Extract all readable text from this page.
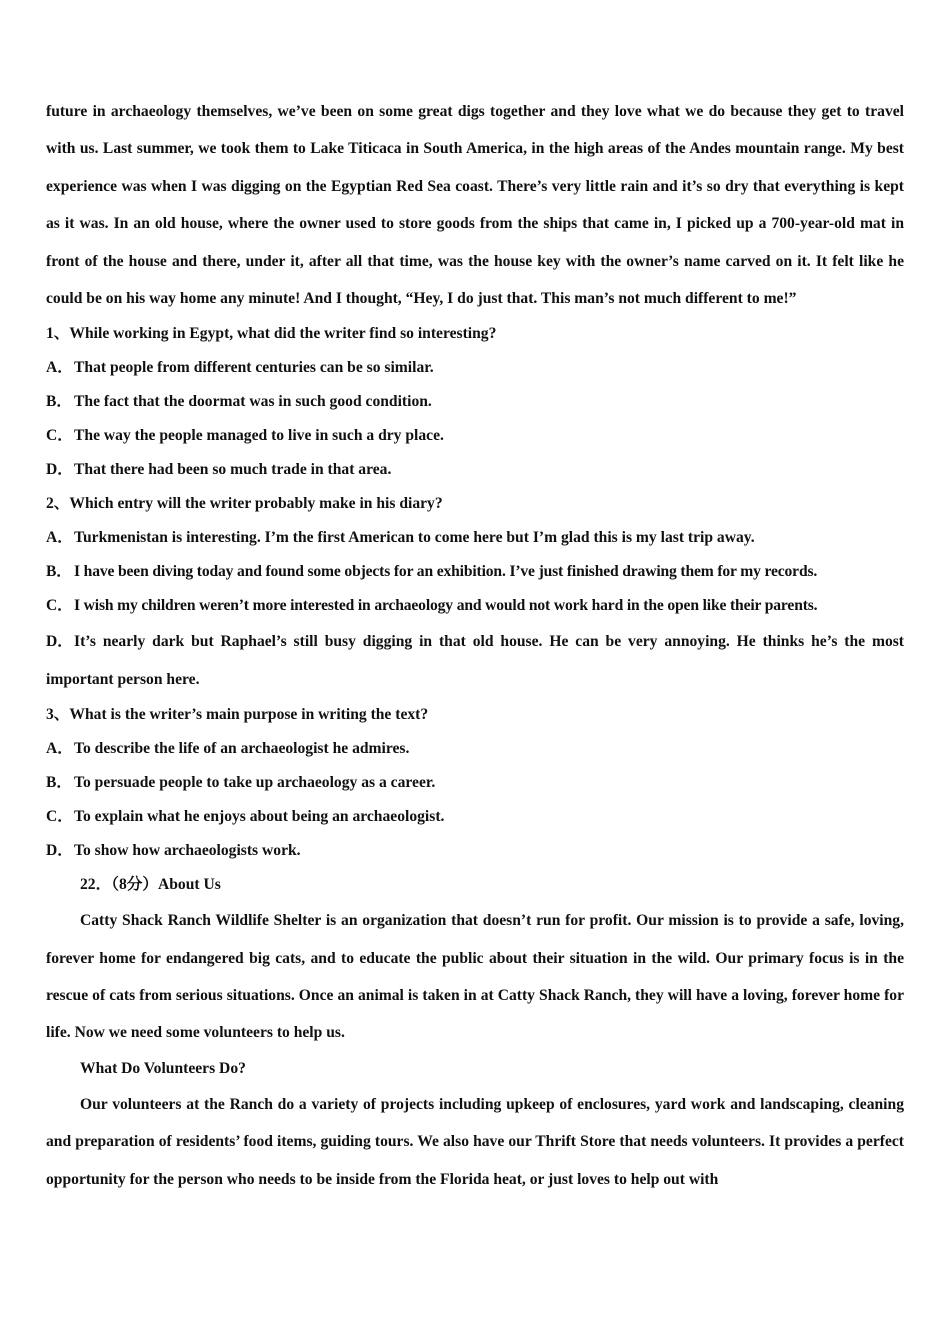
future in archaeology themselves, we’ve been on some great digs together and they love what we do because they get to travel with us. Last summer, we took them to Lake Titicaca in South America, in the high areas of the Andes mountain range. My best experience was when I was digging on the Egyptian Red Sea coast. There’s very little rain and it’s so dry that everything is kept as it was. In an old house, where the owner used to store goods from the ships that came in, I picked up a 700-year-old mat in front of the house and there, under it, after all that time, was the house key with the owner’s name carved on it. It felt like he could be on his way home any minute! And I thought, “Hey, I do just that. This man’s not much different to me!”

1、While working in Egypt, what did the writer find so interesting?

A．That people from different centuries can be so similar.

B． The fact that the doormat was in such good condition.

C．The way the people managed to live in such a dry place.

D．That there had been so much trade in that area.

2、Which entry will the writer probably make in his diary?

A．Turkmenistan is interesting. I’m the first American to come here but I’m glad this is my last trip away.

B． I have been diving today and found some objects for an exhibition. I’ve just finished drawing them for my records.

C．I wish my children weren’t more interested in archaeology and would not work hard in the open like their parents.

D．It’s nearly dark but Raphael’s still busy digging in that old house. He can be very annoying. He thinks he’s the most important person here.

3、What is the writer’s main purpose in writing the text?

A．To describe the life of an archaeologist he admires.

B． To persuade people to take up archaeology as a career.

C．To explain what he enjoys about being an archaeologist.

D．To show how archaeologists work.

22．（8分）About Us

Catty Shack Ranch Wildlife Shelter is an organization that doesn’t run for profit. Our mission is to provide a safe, loving, forever home for endangered big cats, and to educate the public about their situation in the wild. Our primary focus is in the rescue of cats from serious situations. Once an animal is taken in at Catty Shack Ranch, they will have a loving, forever home for life. Now we need some volunteers to help us.

What Do Volunteers Do?

Our volunteers at the Ranch do a variety of projects including upkeep of enclosures, yard work and landscaping, cleaning and preparation of residents’ food items, guiding tours. We also have our Thrift Store that needs volunteers. It provides a perfect opportunity for the person who needs to be inside from the Florida heat, or just loves to help out with
